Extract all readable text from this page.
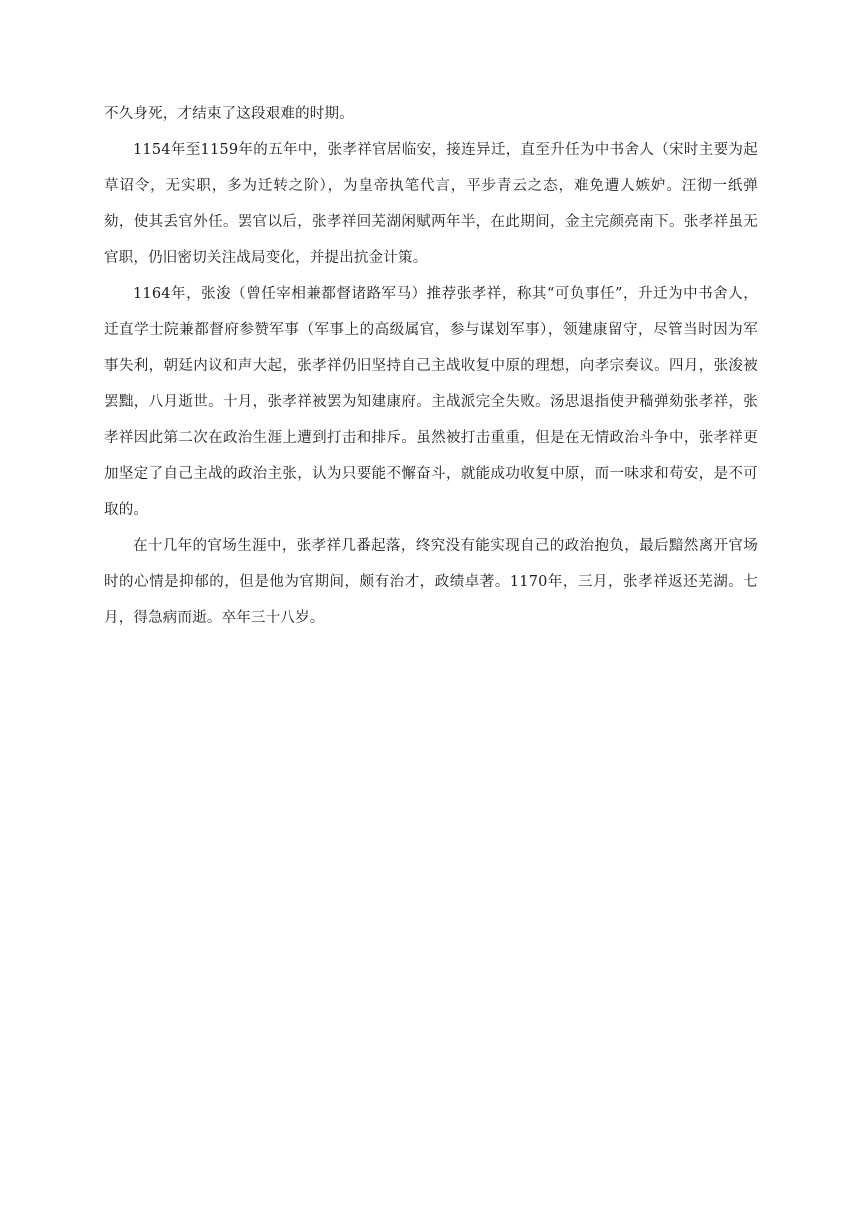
不久身死，才结束了这段艰难的时期。

1154年至1159年的五年中，张孝祥官居临安，接连异迁，直至升任为中书舍人（宋时主要为起草诏令，无实职，多为迁转之阶），为皇帝执笔代言，平步青云之态，难免遭人嫉妒。汪彻一纸弹劾，使其丢官外任。罢官以后，张孝祥回芜湖闲赋两年半，在此期间，金主完颜亮南下。张孝祥虽无官职，仍旧密切关注战局变化，并提出抗金计策。

1164年，张浚（曾任宰相兼都督诸路军马）推荐张孝祥，称其“可负事任”，升迁为中书舍人，迁直学士院兼都督府参赞军事（军事上的高级属官，参与谋划军事），领建康留守，尽管当时因为军事失利，朝廷内议和声大起，张孝祥仍旧坚持自己主战收复中原的理想，向孝宗奏议。四月，张浚被罢黜，八月逝世。十月，张孝祥被罢为知建康府。主战派完全失败。汤思退指使尹穑弹劾张孝祥，张孝祥因此第二次在政治生涯上遭到打击和排斥。虽然被打击重重，但是在无情政治斗争中，张孝祥更加坚定了自己主战的政治主张，认为只要能不懈奋斗，就能成功收复中原，而一味求和苟安，是不可取的。

在十几年的官场生涯中，张孝祥几番起落，终究没有能实现自己的政治抱负，最后黯然离开官场时的心情是抑郁的，但是他为官期间，颇有治才，政绩卓著。1170年，三月，张孝祥返还芜湖。七月，得急病而逝。卒年三十八岁。
